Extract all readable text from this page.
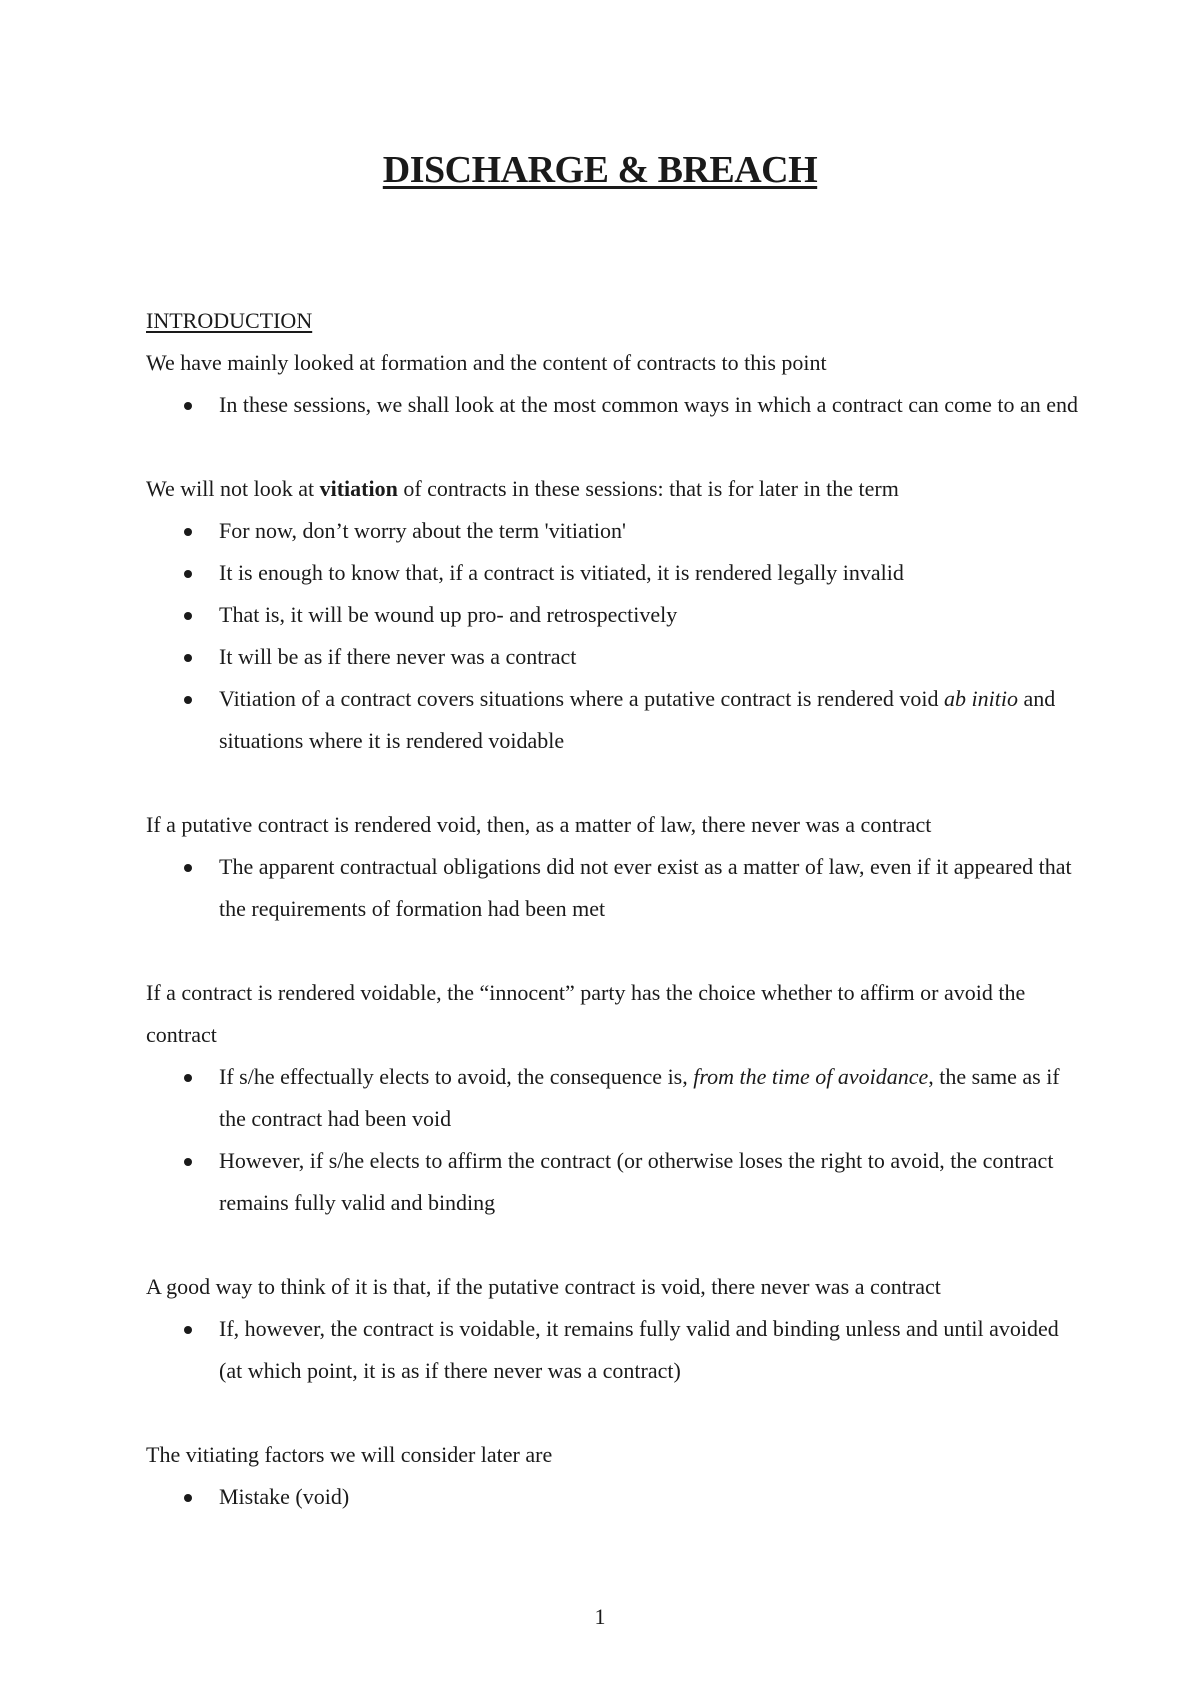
DISCHARGE & BREACH

INTRODUCTION

We have mainly looked at formation and the content of contracts to this point

In these sessions, we shall look at the most common ways in which a contract can come to an end

We will not look at vitiation of contracts in these sessions: that is for later in the term

For now, don’t worry about the term 'vitiation'
It is enough to know that, if a contract is vitiated, it is rendered legally invalid
That is, it will be wound up pro- and retrospectively
It will be as if there never was a contract
Vitiation of a contract covers situations where a putative contract is rendered void ab initio and situations where it is rendered voidable

If a putative contract is rendered void, then, as a matter of law, there never was a contract

The apparent contractual obligations did not ever exist as a matter of law, even if it appeared that the requirements of formation had been met

If a contract is rendered voidable, the “innocent” party has the choice whether to affirm or avoid the contract

If s/he effectually elects to avoid, the consequence is, from the time of avoidance, the same as if the contract had been void
However, if s/he elects to affirm the contract (or otherwise loses the right to avoid, the contract remains fully valid and binding

A good way to think of it is that, if the putative contract is void, there never was a contract

If, however, the contract is voidable, it remains fully valid and binding unless and until avoided (at which point, it is as if there never was a contract)

The vitiating factors we will consider later are

Mistake (void)
1
